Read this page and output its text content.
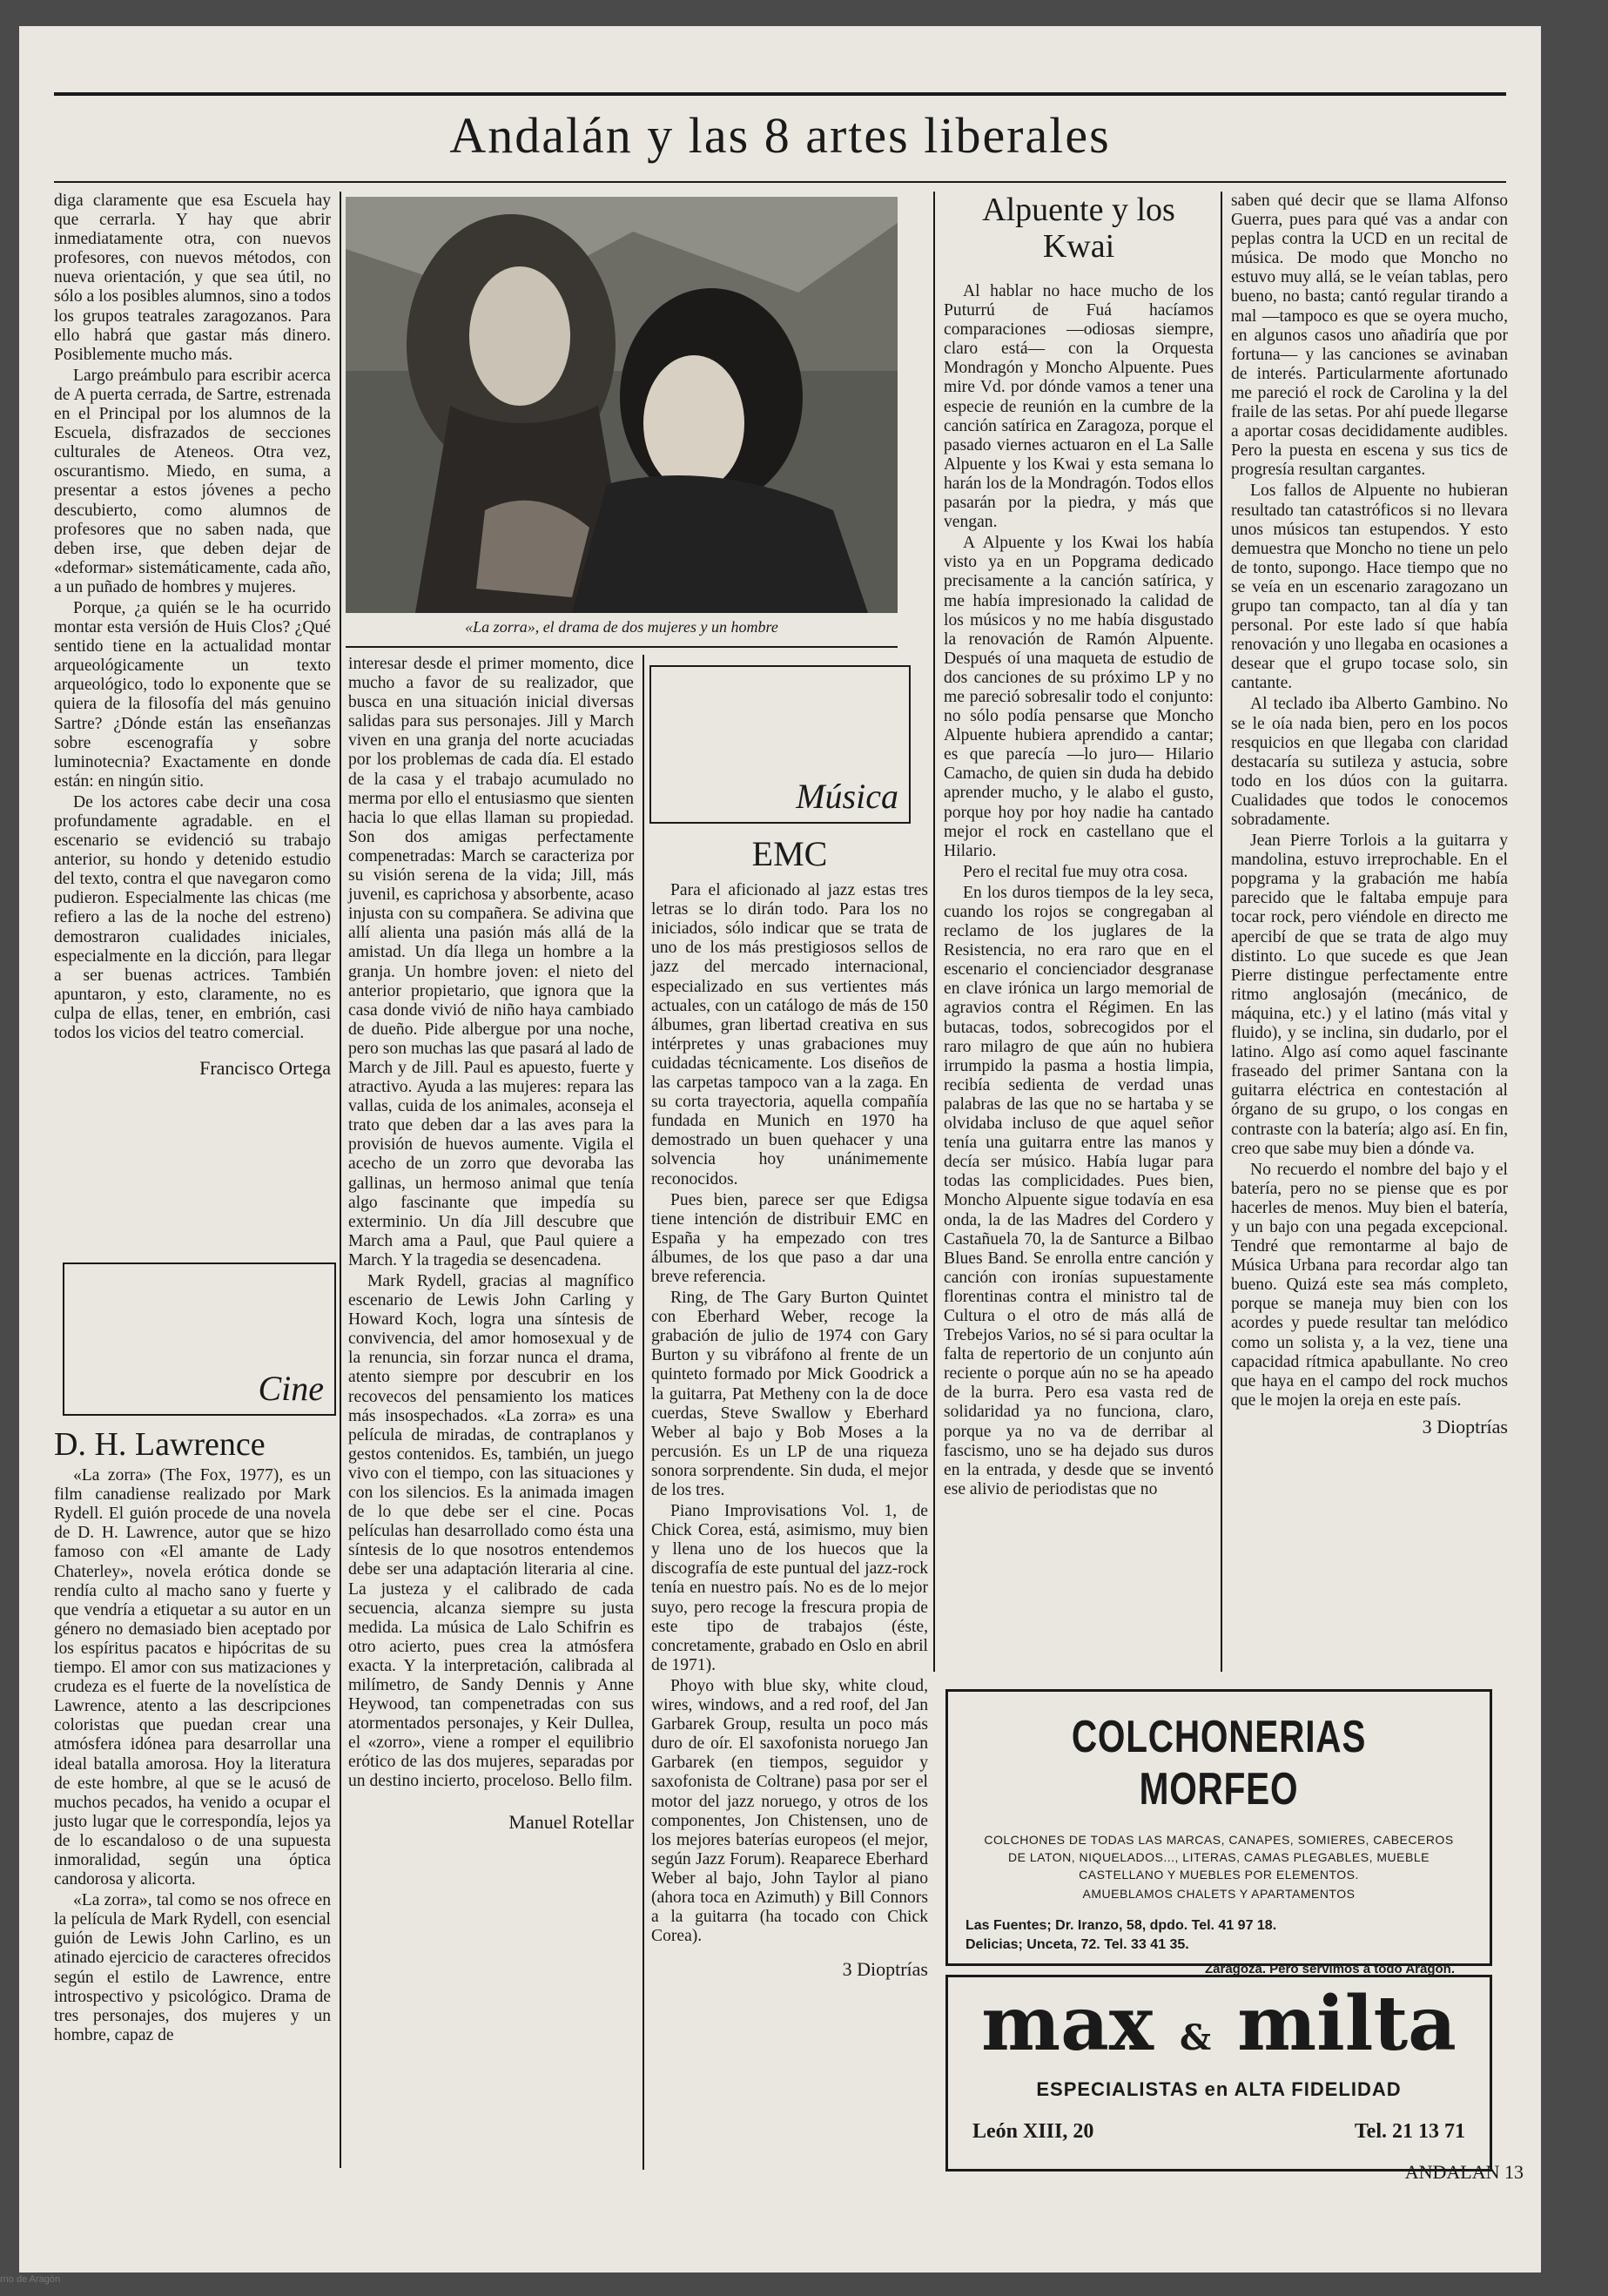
Andalán y las 8 artes liberales

diga claramente que esa Escuela hay que cerrarla. Y hay que abrir inmediatamente otra, con nuevos profesores, con nuevos métodos, con nueva orientación, y que sea útil, no sólo a los posibles alumnos, sino a todos los grupos teatrales zaragozanos. Para ello habrá que gastar más dinero. Posiblemente mucho más.

Largo preámbulo para escribir acerca de A puerta cerrada, de Sartre, estrenada en el Principal por los alumnos de la Escuela, disfrazados de secciones culturales de Ateneos. Otra vez, oscurantismo. Miedo, en suma, a presentar a estos jóvenes a pecho descubierto, como alumnos de profesores que no saben nada, que deben irse, que deben dejar de «deformar» sistemáticamente, cada año, a un puñado de hombres y mujeres.

Porque, ¿a quién se le ha ocurrido montar esta versión de Huis Clos? ¿Qué sentido tiene en la actualidad montar arqueológicamente un texto arqueológico, todo lo exponente que se quiera de la filosofía del más genuino Sartre? ¿Dónde están las enseñanzas sobre escenografía y sobre luminotecnia? Exactamente en donde están: en ningún sitio.

De los actores cabe decir una cosa profundamente agradable. en el escenario se evidenció su trabajo anterior, su hondo y detenido estudio del texto, contra el que navegaron como pudieron. Especialmente las chicas (me refiero a las de la noche del estreno) demostraron cualidades iniciales, especialmente en la dicción, para llegar a ser buenas actrices. También apuntaron, y esto, claramente, no es culpa de ellas, tener, en embrión, casi todos los vicios del teatro comercial.

Francisco Ortega
Cine
D. H. Lawrence

«La zorra» (The Fox, 1977), es un film canadiense realizado por Mark Rydell. El guión procede de una novela de D. H. Lawrence, autor que se hizo famoso con «El amante de Lady Chaterley», novela erótica donde se rendía culto al macho sano y fuerte y que vendría a etiquetar a su autor en un género no demasiado bien aceptado por los espíritus pacatos e hipócritas de su tiempo. El amor con sus matizaciones y crudeza es el fuerte de la novelística de Lawrence, atento a las descripciones coloristas que puedan crear una atmósfera idónea para desarrollar una ideal batalla amorosa. Hoy la literatura de este hombre, al que se le acusó de muchos pecados, ha venido a ocupar el justo lugar que le correspondía, lejos ya de lo escandaloso o de una supuesta inmoralidad, según una óptica candorosa y alicorta.

«La zorra», tal como se nos ofrece en la película de Mark Rydell, con esencial guión de Lewis John Carlino, es un atinado ejercicio de caracteres ofrecidos según el estilo de Lawrence, entre introspectivo y psicológico. Drama de tres personajes, dos mujeres y un hombre, capaz de

«La zorra», el drama de dos mujeres y un hombre

interesar desde el primer momento, dice mucho a favor de su realizador, que busca en una situación inicial diversas salidas para sus personajes. Jill y March viven en una granja del norte acuciadas por los problemas de cada día. El estado de la casa y el trabajo acumulado no merma por ello el entusiasmo que sienten hacia lo que ellas llaman su propiedad. Son dos amigas perfectamente compenetradas: March se caracteriza por su visión serena de la vida; Jill, más juvenil, es caprichosa y absorbente, acaso injusta con su compañera. Se adivina que allí alienta una pasión más allá de la amistad. Un día llega un hombre a la granja. Un hombre joven: el nieto del anterior propietario, que ignora que la casa donde vivió de niño haya cambiado de dueño. Pide albergue por una noche, pero son muchas las que pasará al lado de March y de Jill. Paul es apuesto, fuerte y atractivo. Ayuda a las mujeres: repara las vallas, cuida de los animales, aconseja el trato que deben dar a las aves para la provisión de huevos aumente. Vigila el acecho de un zorro que devoraba las gallinas, un hermoso animal que tenía algo fascinante que impedía su exterminio. Un día Jill descubre que March ama a Paul, que Paul quiere a March. Y la tragedia se desencadena.

Mark Rydell, gracias al magnífico escenario de Lewis John Carling y Howard Koch, logra una síntesis de convivencia, del amor homosexual y de la renuncia, sin forzar nunca el drama, atento siempre por descubrir en los recovecos del pensamiento los matices más insospechados. «La zorra» es una película de miradas, de contraplanos y gestos contenidos. Es, también, un juego vivo con el tiempo, con las situaciones y con los silencios. Es la animada imagen de lo que debe ser el cine. Pocas películas han desarrollado como ésta una síntesis de lo que nosotros entendemos debe ser una adaptación literaria al cine. La justeza y el calibrado de cada secuencia, alcanza siempre su justa medida. La música de Lalo Schifrin es otro acierto, pues crea la atmósfera exacta. Y la interpretación, calibrada al milímetro, de Sandy Dennis y Anne Heywood, tan compenetradas con sus atormentados personajes, y Keir Dullea, el «zorro», viene a romper el equilibrio erótico de las dos mujeres, separadas por un destino incierto, proceloso. Bello film.

Manuel Rotellar
Música
EMC

Para el aficionado al jazz estas tres letras se lo dirán todo. Para los no iniciados, sólo indicar que se trata de uno de los más prestigiosos sellos de jazz del mercado internacional, especializado en sus vertientes más actuales, con un catálogo de más de 150 álbumes, gran libertad creativa en sus intérpretes y unas grabaciones muy cuidadas técnicamente. Los diseños de las carpetas tampoco van a la zaga. En su corta trayectoria, aquella compañía fundada en Munich en 1970 ha demostrado un buen quehacer y una solvencia hoy unánimemente reconocidos.

Pues bien, parece ser que Edigsa tiene intención de distribuir EMC en España y ha empezado con tres álbumes, de los que paso a dar una breve referencia.

Ring, de The Gary Burton Quintet con Eberhard Weber, recoge la grabación de julio de 1974 con Gary Burton y su vibráfono al frente de un quinteto formado por Mick Goodrick a la guitarra, Pat Metheny con la de doce cuerdas, Steve Swallow y Eberhard Weber al bajo y Bob Moses a la percusión. Es un LP de una riqueza sonora sorprendente. Sin duda, el mejor de los tres.

Piano Improvisations Vol. 1, de Chick Corea, está, asimismo, muy bien y llena uno de los huecos que la discografía de este puntual del jazz-rock tenía en nuestro país. No es de lo mejor suyo, pero recoge la frescura propia de este tipo de trabajos (éste, concretamente, grabado en Oslo en abril de 1971).

Phoyo with blue sky, white cloud, wires, windows, and a red roof, del Jan Garbarek Group, resulta un poco más duro de oír. El saxofonista noruego Jan Garbarek (en tiempos, seguidor y saxofonista de Coltrane) pasa por ser el motor del jazz noruego, y otros de los componentes, Jon Chistensen, uno de los mejores baterías europeos (el mejor, según Jazz Forum). Reaparece Eberhard Weber al bajo, John Taylor al piano (ahora toca en Azimuth) y Bill Connors a la guitarra (ha tocado con Chick Corea).

3 Dioptrías
Alpuente y los Kwai

Al hablar no hace mucho de los Puturrú de Fuá hacíamos comparaciones —odiosas siempre, claro está— con la Orquesta Mondragón y Moncho Alpuente. Pues mire Vd. por dónde vamos a tener una especie de reunión en la cumbre de la canción satírica en Zaragoza, porque el pasado viernes actuaron en el La Salle Alpuente y los Kwai y esta semana lo harán los de la Mondragón. Todos ellos pasarán por la piedra, y más que vengan.

A Alpuente y los Kwai los había visto ya en un Popgrama dedicado precisamente a la canción satírica, y me había impresionado la calidad de los músicos y no me había disgustado la renovación de Ramón Alpuente. Después oí una maqueta de estudio de dos canciones de su próximo LP y no me pareció sobresalir todo el conjunto: no sólo podía pensarse que Moncho Alpuente hubiera aprendido a cantar; es que parecía —lo juro— Hilario Camacho, de quien sin duda ha debido aprender mucho, y le alabo el gusto, porque hoy por hoy nadie ha cantado mejor el rock en castellano que el Hilario.

Pero el recital fue muy otra cosa.

En los duros tiempos de la ley seca, cuando los rojos se congregaban al reclamo de los juglares de la Resistencia, no era raro que en el escenario el concienciador desgranase en clave irónica un largo memorial de agravios contra el Régimen. En las butacas, todos, sobrecogidos por el raro milagro de que aún no hubiera irrumpido la pasma a hostia limpia, recibía sedienta de verdad unas palabras de las que no se hartaba y se olvidaba incluso de que aquel señor tenía una guitarra entre las manos y decía ser músico. Había lugar para todas las complicidades. Pues bien, Moncho Alpuente sigue todavía en esa onda, la de las Madres del Cordero y Castañuela 70, la de Santurce a Bilbao Blues Band. Se enrolla entre canción y canción con ironías supuestamente florentinas contra el ministro tal de Cultura o el otro de más allá de Trebejos Varios, no sé si para ocultar la falta de repertorio de un conjunto aún reciente o porque aún no se ha apeado de la burra. Pero esa vasta red de solidaridad ya no funciona, claro, porque ya no va de derribar al fascismo, uno se ha dejado sus duros en la entrada, y desde que se inventó ese alivio de periodistas que no

saben qué decir que se llama Alfonso Guerra, pues para qué vas a andar con peplas contra la UCD en un recital de música. De modo que Moncho no estuvo muy allá, se le veían tablas, pero bueno, no basta; cantó regular tirando a mal —tampoco es que se oyera mucho, en algunos casos uno añadiría que por fortuna— y las canciones se avinaban de interés. Particularmente afortunado me pareció el rock de Carolina y la del fraile de las setas. Por ahí puede llegarse a aportar cosas decididamente audibles. Pero la puesta en escena y sus tics de progresía resultan cargantes.

Los fallos de Alpuente no hubieran resultado tan catastróficos si no llevara unos músicos tan estupendos. Y esto demuestra que Moncho no tiene un pelo de tonto, supongo. Hace tiempo que no se veía en un escenario zaragozano un grupo tan compacto, tan al día y tan personal. Por este lado sí que había renovación y uno llegaba en ocasiones a desear que el grupo tocase solo, sin cantante.

Al teclado iba Alberto Gambino. No se le oía nada bien, pero en los pocos resquicios en que llegaba con claridad destacaría su sutileza y astucia, sobre todo en los dúos con la guitarra. Cualidades que todos le conocemos sobradamente.

Jean Pierre Torlois a la guitarra y mandolina, estuvo irreprochable. En el popgrama y la grabación me había parecido que le faltaba empuje para tocar rock, pero viéndole en directo me apercibí de que se trata de algo muy distinto. Lo que sucede es que Jean Pierre distingue perfectamente entre ritmo anglosajón (mecánico, de máquina, etc.) y el latino (más vital y fluido), y se inclina, sin dudarlo, por el latino. Algo así como aquel fascinante fraseado del primer Santana con la guitarra eléctrica en contestación al órgano de su grupo, o los congas en contraste con la batería; algo así. En fin, creo que sabe muy bien a dónde va.

No recuerdo el nombre del bajo y el batería, pero no se piense que es por hacerles de menos. Muy bien el batería, y un bajo con una pegada excepcional. Tendré que remontarme al bajo de Música Urbana para recordar algo tan bueno. Quizá este sea más completo, porque se maneja muy bien con los acordes y puede resultar tan melódico como un solista y, a la vez, tiene una capacidad rítmica apabullante. No creo que haya en el campo del rock muchos que le mojen la oreja en este país.

3 Dioptrías
COLCHONERIAS MORFEO
COLCHONES DE TODAS LAS MARCAS, CANAPES, SOMIERES, CABECEROS DE LATON, NIQUELADOS..., LITERAS, CAMAS PLEGABLES, MUEBLE CASTELLANO Y MUEBLES POR ELEMENTOS.
AMUEBLAMOS CHALETS Y APARTAMENTOS
Las Fuentes; Dr. Iranzo, 58, dpdo. Tel. 41 97 18.
Delicias; Unceta, 72. Tel. 33 41 35.
Zaragoza. Pero servimos a todo Aragón.
max & milta
ESPECIALISTAS en ALTA FIDELIDAD
León XIII, 20	Tel. 21 13 71
ANDALAN 13
rno de Aragón
